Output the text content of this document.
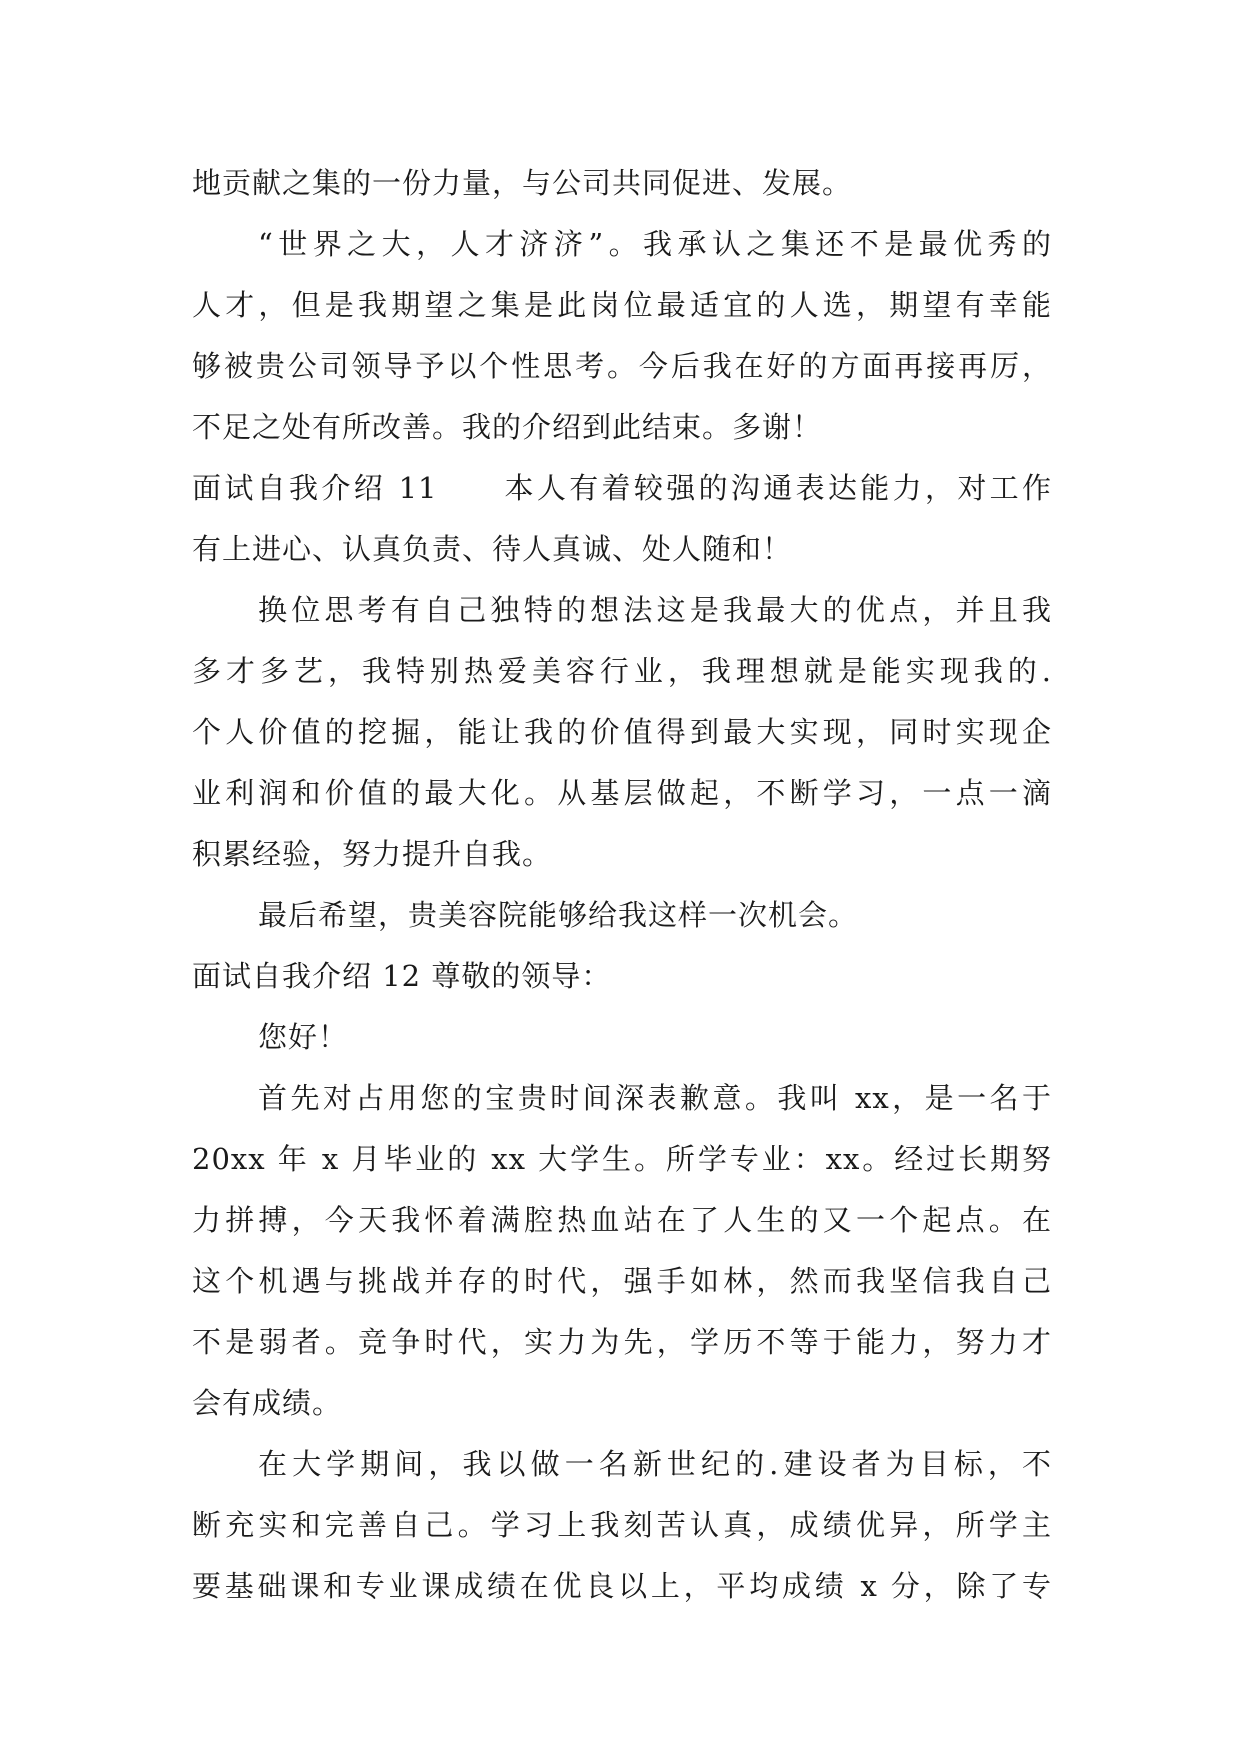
地贡献之集的一份力量，与公司共同促进、发展。
“世界之大，人才济济”。我承认之集还不是最优秀的
人才，但是我期望之集是此岗位最适宜的人选，期望有幸能
够被贵公司领导予以个性思考。今后我在好的方面再接再厉，
不足之处有所改善。我的介绍到此结束。多谢！
面试自我介绍 11　　本人有着较强的沟通表达能力，对工作
有上进心、认真负责、待人真诚、处人随和！
换位思考有自己独特的想法这是我最大的优点，并且我
多才多艺，我特别热爱美容行业，我理想就是能实现我的.
个人价值的挖掘，能让我的价值得到最大实现，同时实现企
业利润和价值的最大化。从基层做起，不断学习，一点一滴
积累经验，努力提升自我。
最后希望，贵美容院能够给我这样一次机会。
面试自我介绍 12 尊敬的领导：
您好！
首先对占用您的宝贵时间深表歉意。我叫 xx，是一名于
20xx 年 x 月毕业的 xx 大学生。所学专业：xx。经过长期努
力拼搏，今天我怀着满腔热血站在了人生的又一个起点。在
这个机遇与挑战并存的时代，强手如林，然而我坚信我自己
不是弱者。竞争时代，实力为先，学历不等于能力，努力才
会有成绩。
在大学期间，我以做一名新世纪的.建设者为目标，不
断充实和完善自己。学习上我刻苦认真，成绩优异，所学主
要基础课和专业课成绩在优良以上，平均成绩 x 分，除了专
